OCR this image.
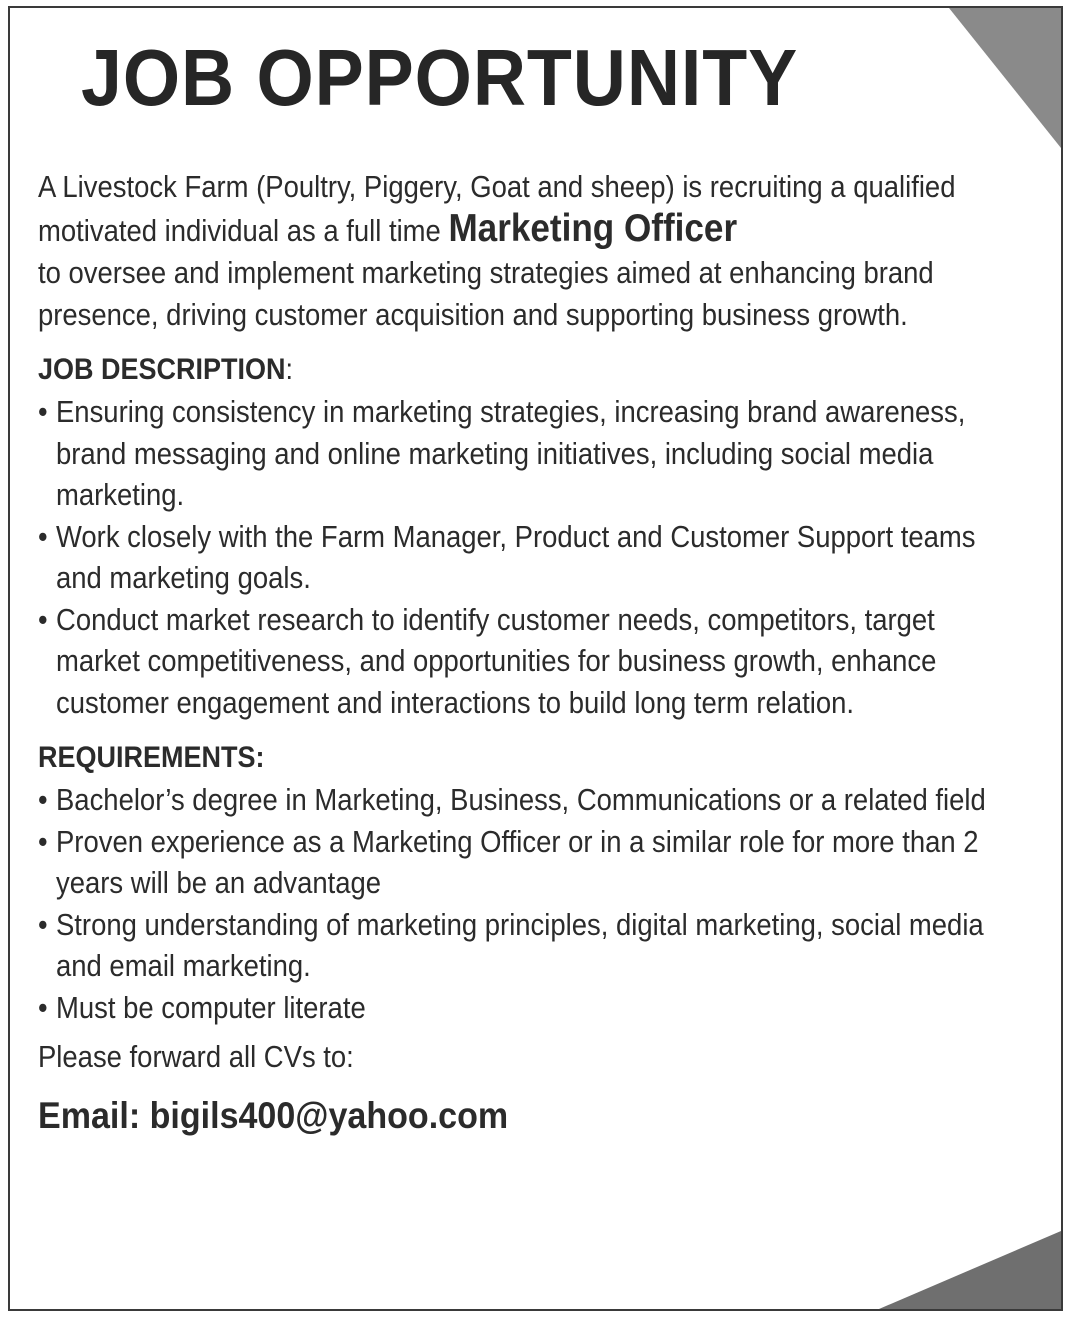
JOB OPPORTUNITY

A Livestock Farm (Poultry, Piggery, Goat and sheep) is recruiting a qualified motivated individual as a full time Marketing Officer
to oversee and implement marketing strategies aimed at enhancing brand presence, driving customer acquisition and supporting business growth.

JOB DESCRIPTION:
• Ensuring consistency in marketing strategies, increasing brand awareness, brand messaging and online marketing initiatives, including social media marketing.
• Work closely with the Farm Manager, Product and Customer Support teams and marketing goals.
• Conduct market research to identify customer needs, competitors, target market competitiveness, and opportunities for business growth, enhance customer engagement and interactions to build long term relation.
REQUIREMENTS:
• Bachelor’s degree in Marketing, Business, Communications or a related field
• Proven experience as a Marketing Officer or in a similar role for more than 2 years will be an advantage
• Strong understanding of marketing principles, digital marketing, social media and email marketing.
• Must be computer literate

Please forward all CVs to:

Email: bigils400@yahoo.com
